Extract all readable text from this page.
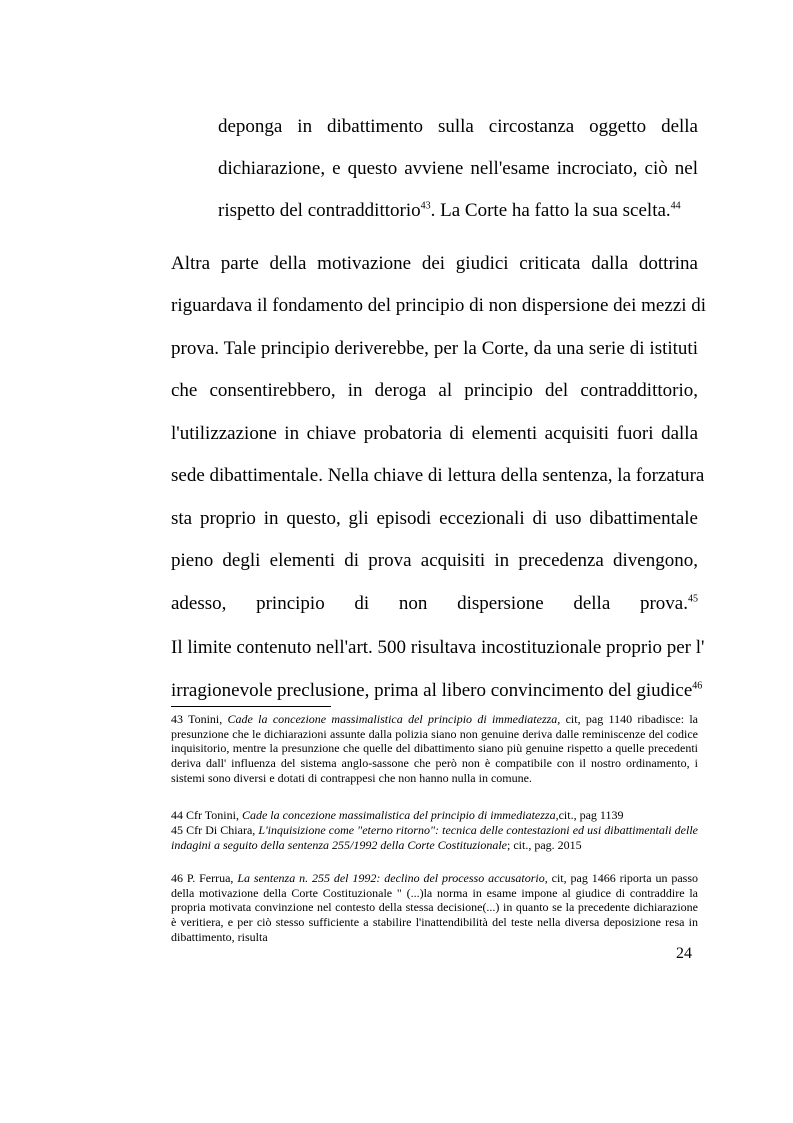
deponga in dibattimento sulla circostanza oggetto della

dichiarazione, e questo avviene nell'esame incrociato, ciò nel

rispetto del contraddittorio$^{43}$. La Corte ha fatto la sua scelta.$^{44}$

Altra parte della motivazione dei giudici criticata dalla dottrina

riguardava il fondamento del principio di non dispersione dei mezzi di

prova. Tale principio deriverebbe, per la Corte, da una serie di istituti

che consentirebbero, in deroga al principio del contraddittorio,

l'utilizzazione in chiave probatoria di elementi acquisiti fuori dalla

sede dibattimentale. Nella chiave di lettura della sentenza, la forzatura

sta proprio in questo, gli episodi eccezionali di uso dibattimentale

pieno degli elementi di prova acquisiti in precedenza divengono,

adesso, principio di non dispersione della prova.$^{45}$

Il limite contenuto nell'art. 500 risultava incostituzionale proprio per l'

irragionevole preclusione, prima al libero convincimento del giudice$^{46}$

43 Tonini, Cade la concezione massimalistica del principio di immediatezza, cit, pag 1140 ribadisce: la presunzione che le dichiarazioni assunte dalla polizia siano non genuine deriva dalle reminiscenze del codice inquisitorio, mentre la presunzione che quelle del dibattimento siano più genuine rispetto a quelle precedenti deriva dall' influenza del sistema anglo-sassone che però non è compatibile con il nostro ordinamento, i sistemi sono diversi e dotati di contrappesi che non hanno nulla in comune.

44 Cfr Tonini, Cade la concezione massimalistica del principio di immediatezza,cit., pag 1139

45 Cfr Di Chiara, L'inquisizione come "eterno ritorno": tecnica delle contestazioni ed usi dibattimentali delle indagini a seguito della sentenza 255/1992 della Corte Costituzionale; cit., pag. 2015

46 P. Ferrua, La sentenza n. 255 del 1992: declino del processo accusatorio, cit, pag 1466 riporta un passo della motivazione della Corte Costituzionale " (...)la norma in esame impone al giudice di contraddire la propria motivata convinzione nel contesto della stessa decisione(...) in quanto se la precedente dichiarazione è veritiera, e per ciò stesso sufficiente a stabilire l'inattendibilità del teste nella diversa deposizione resa in dibattimento, risulta

24
